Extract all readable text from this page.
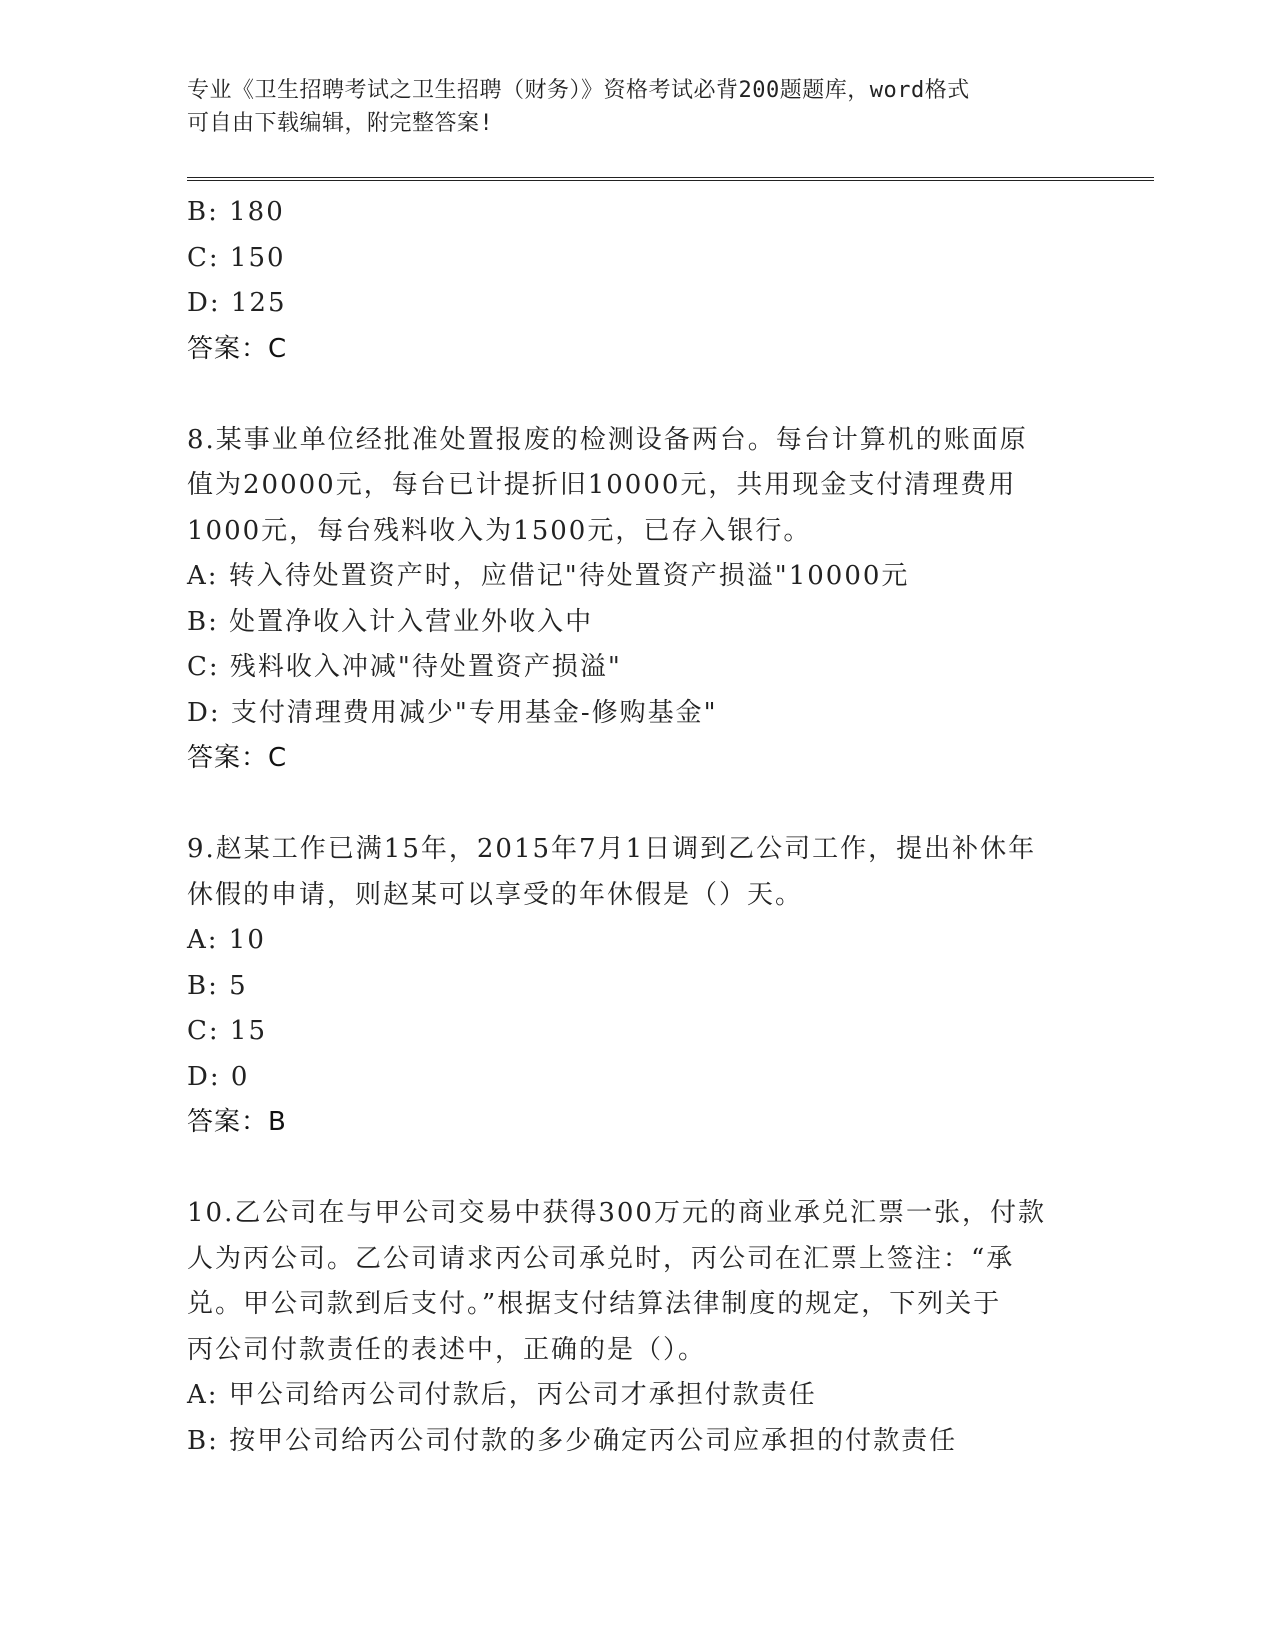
专业《卫生招聘考试之卫生招聘（财务）》资格考试必背200题题库，word格式
可自由下载编辑，附完整答案!
B: 180
C: 150
D: 125
答案：C
8.某事业单位经批准处置报废的检测设备两台。每台计算机的账面原
值为20000元，每台已计提折旧10000元，共用现金支付清理费用
1000元，每台残料收入为1500元，已存入银行。
A: 转入待处置资产时，应借记"待处置资产损溢"10000元
B: 处置净收入计入营业外收入中
C: 残料收入冲减"待处置资产损溢"
D: 支付清理费用减少"专用基金-修购基金"
答案：C
9.赵某工作已满15年，2015年7月1日调到乙公司工作，提出补休年
休假的申请，则赵某可以享受的年休假是（）天。
A: 10
B: 5
C: 15
D: 0
答案：B
10.乙公司在与甲公司交易中获得300万元的商业承兑汇票一张，付款
人为丙公司。乙公司请求丙公司承兑时，丙公司在汇票上签注：“承
兑。甲公司款到后支付。”根据支付结算法律制度的规定，下列关于
丙公司付款责任的表述中，正确的是（）。
A: 甲公司给丙公司付款后，丙公司才承担付款责任
B: 按甲公司给丙公司付款的多少确定丙公司应承担的付款责任
